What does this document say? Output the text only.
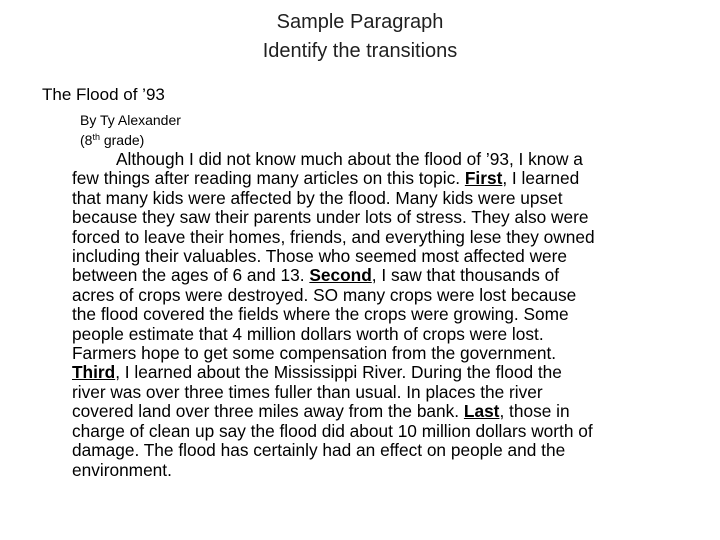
Sample Paragraph
Identify the transitions
The Flood of ’93
By Ty Alexander
(8th grade)
Although I did not know much about the flood of ’93, I know a
few things after reading many articles on this topic. First, I learned
that many kids were affected by the flood. Many kids were upset
because they saw their parents under lots of stress. They also were
forced to leave their homes, friends, and everything lese they owned
including their valuables. Those who seemed most affected were
between the ages of 6 and 13. Second, I saw that thousands of
acres of crops were destroyed. SO many crops were lost because
the flood covered the fields where the crops were growing. Some
people estimate that 4 million dollars worth of crops were lost.
Farmers hope to get some compensation from the government.
Third, I learned about the Mississippi River. During the flood the
river was over three times fuller than usual. In places the river
covered land over three miles away from the bank. Last, those in
charge of clean up say the flood did about 10 million dollars worth of
damage. The flood has certainly had an effect on people and the
environment.
